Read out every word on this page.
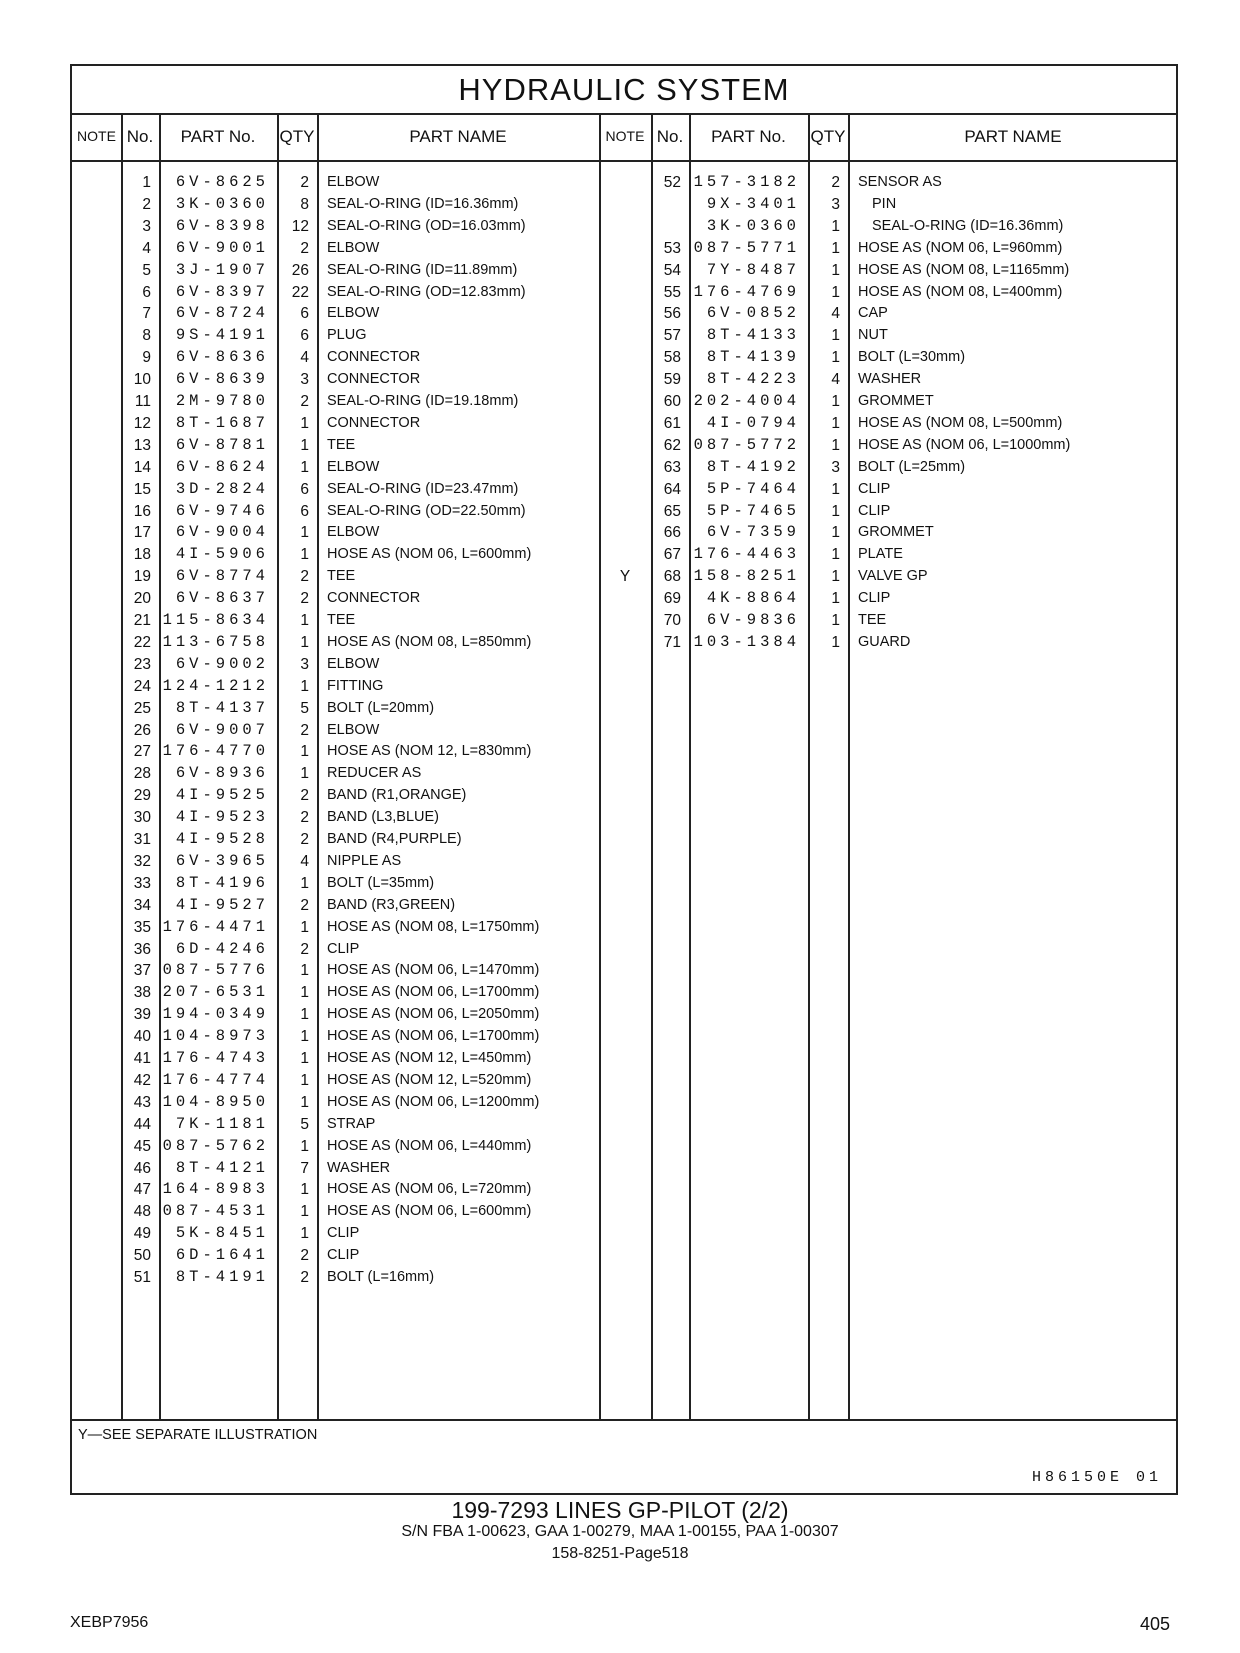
HYDRAULIC SYSTEM
NOTE No.	PART No.	QTY	PART NAME	NOTE No.	PART No.	QTY	PART NAME
1	6V-8625	2 ELBOW
2	3K-0360	8 SEAL-O-RING (ID=16.36mm)
3	6V-8398	12 SEAL-O-RING (OD=16.03mm)
4	6V-9001	2 ELBOW
5	3J-1907	26 SEAL-O-RING (ID=11.89mm)
6	6V-8397	22 SEAL-O-RING (OD=12.83mm)
7	6V-8724	6 ELBOW
8	9S-4191	6 PLUG
9	6V-8636	4 CONNECTOR
10	6V-8639	3 CONNECTOR
11	2M-9780	2 SEAL-O-RING (ID=19.18mm)
12	8T-1687	1 CONNECTOR
13	6V-8781	1 TEE
14	6V-8624	1 ELBOW
15	3D-2824	6 SEAL-O-RING (ID=23.47mm)
16	6V-9746	6 SEAL-O-RING (OD=22.50mm)
17	6V-9004	1 ELBOW
18	4I-5906	1 HOSE AS (NOM 06, L=600mm)
19	6V-8774	2 TEE
20	6V-8637	2 CONNECTOR
21 115-8634	1 TEE
22 113-6758	1 HOSE AS (NOM 08, L=850mm)
23	6V-9002	3 ELBOW
24 124-1212	1 FITTING
25	8T-4137	5 BOLT (L=20mm)
26	6V-9007	2 ELBOW
27 176-4770	1 HOSE AS (NOM 12, L=830mm)
28	6V-8936	1 REDUCER AS
29	4I-9525	2 BAND (R1,ORANGE)
30	4I-9523	2 BAND (L3,BLUE)
31	4I-9528	2 BAND (R4,PURPLE)
32	6V-3965	4 NIPPLE AS
33	8T-4196	1 BOLT (L=35mm)
34	4I-9527	2 BAND (R3,GREEN)
35 176-4471	1 HOSE AS (NOM 08, L=1750mm)
36	6D-4246	2 CLIP
37 087-5776	1 HOSE AS (NOM 06, L=1470mm)
38 207-6531	1 HOSE AS (NOM 06, L=1700mm)
39 194-0349	1 HOSE AS (NOM 06, L=2050mm)
40 104-8973	1 HOSE AS (NOM 06, L=1700mm)
41 176-4743	1 HOSE AS (NOM 12, L=450mm)
42 176-4774	1 HOSE AS (NOM 12, L=520mm)
43 104-8950	1 HOSE AS (NOM 06, L=1200mm)
44	7K-1181	5 STRAP
45 087-5762	1 HOSE AS (NOM 06, L=440mm)
46	8T-4121	7 WASHER
47 164-8983	1 HOSE AS (NOM 06, L=720mm)
48 087-4531	1 HOSE AS (NOM 06, L=600mm)
49	5K-8451	1 CLIP
50	6D-1641	2 CLIP
51	8T-4191	2 BOLT (L=16mm)
52 157-3182	2 SENSOR AS
9X-3401	3 PIN
3K-0360	1 SEAL-O-RING (ID=16.36mm)
53 087-5771	1 HOSE AS (NOM 06, L=960mm)
54	7Y-8487	1 HOSE AS (NOM 08, L=1165mm)
55 176-4769	1 HOSE AS (NOM 08, L=400mm)
56	6V-0852	4 CAP
57	8T-4133	1 NUT
58	8T-4139	1 BOLT (L=30mm)
59	8T-4223	4 WASHER
60 202-4004	1 GROMMET
61	4I-0794	1 HOSE AS (NOM 08, L=500mm)
62 087-5772	1 HOSE AS (NOM 06, L=1000mm)
63	8T-4192	3 BOLT (L=25mm)
64	5P-7464	1 CLIP
65	5P-7465	1 CLIP
66	6V-7359	1 GROMMET
67 176-4463	1 PLATE
Y	68 158-8251	1 VALVE GP
69	4K-8864	1 CLIP
70	6V-9836	1 TEE
71 103-1384	1 GUARD
Y—SEE SEPARATE ILLUSTRATION
H86150E 01
199-7293 LINES GP-PILOT (2/2)
S/N FBA 1-00623, GAA 1-00279, MAA 1-00155, PAA 1-00307
158-8251-Page518
XEBP7956	405
